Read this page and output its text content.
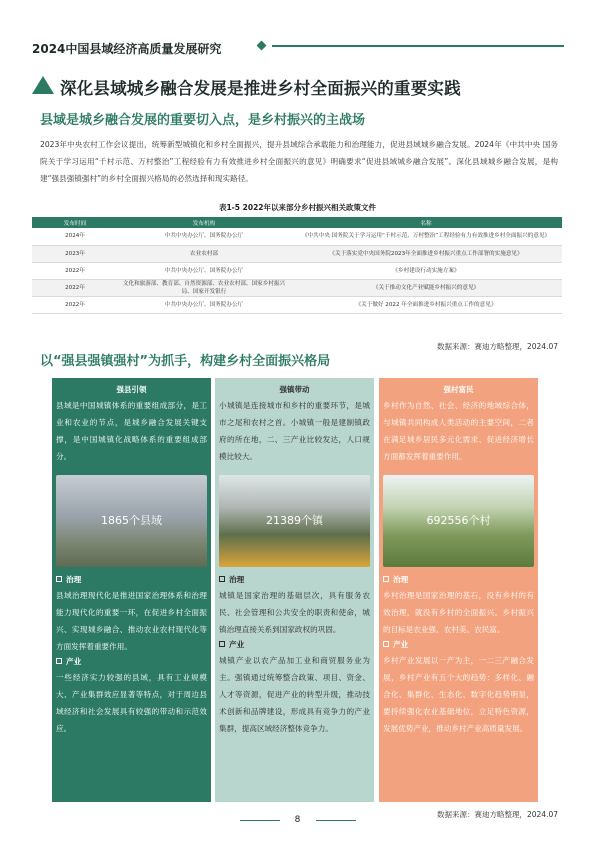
2024中国县域经济高质量发展研究
深化县域城乡融合发展是推进乡村全面振兴的重要实践
县域是城乡融合发展的重要切入点，是乡村振兴的主战场
2023年中央农村工作会议提出，统筹新型城镇化和乡村全面振兴，提升县域综合承载能力和治理能力，促进县域城乡融合发展。2024年《中共中央 国务院关于学习运用“千村示范、万村整治”工程经验有力有效推进乡村全面振兴的意见》明确要求“促进县域城乡融合发展”。深化县域城乡融合发展，是构建“强县强镇强村”的乡村全面振兴格局的必然选择和现实路径。
表1-5 2022年以来部分乡村振兴相关政策文件
发布时间	发布机构	名称
2024年	中共中央办公厅、国务院办公厅	《中共中央 国务院关于学习运用“千村示范、万村整治”工程经验有力有效推进乡村全面振兴的意见》
2023年	农业农村部	《关于落实党中央国务院2023年全面推进乡村振兴重点工作部署的实施意见》
2022年	中共中央办公厅、国务院办公厅	《乡村建设行动实施方案》
2022年	文化和旅游部、教育部、自然资源部、农业农村部、国家乡村振兴局、国家开发银行	《关于推动文化产业赋能乡村振兴的意见》
2022年	中共中央办公厅、国务院办公厅	《关于做好 2022 年全面推进乡村振兴重点工作的意见》
数据来源：赛迪方略整理，2024.07
以“强县强镇强村”为抓手，构建乡村全面振兴格局
强县引领
县域是中国城镇体系的重要组成部分，是工业和农业的节点，是城乡融合发展关键支撑，是中国城镇化战略体系的重要组成部分。
1865个县域
治理
县域治理现代化是推进国家治理体系和治理能力现代化的重要一环，在促进乡村全面振兴、实现城乡融合、推动农业农村现代化等方面发挥着重要作用。
产业
一些经济实力较强的县域，具有工业规模大、产业集群效应显著等特点，对于周边县域经济和社会发展具有较强的带动和示范效应。
强镇带动
小城镇是连接城市和乡村的重要环节，是城市之尾和农村之首。小城镇一般是建制镇政府的所在地，二、三产业比较发达，人口规模比较大。
21389个镇
治理
城镇是国家治理的基础层次，具有服务农民、社会管理和公共安全的职责和使命，城镇治理直接关系到国家政权的巩固。
产业
城镇产业以农产品加工业和商贸服务业为主。强镇通过统筹整合政策、项目、资金、人才等资源，促进产业的转型升级，推动技术创新和品牌建设，形成具有竞争力的产业集群，提高区域经济整体竞争力。
强村富民
乡村作为自然、社会、经济的地域综合体，与城镇共同构成人类活动的主要空间，二者在满足城乡居民多元化需求、促进经济增长方面都发挥着重要作用。
692556个村
治理
乡村治理是国家治理的基石，没有乡村的有效治理，就没有乡村的全面振兴。乡村振兴的目标是农业强、农村美、农民富。
产业
乡村产业发展以一产为主，一二三产融合发展，乡村产业有五个大的趋势：多样化、融合化、集群化、生态化、数字化趋势明显，要持续强化农业基础地位，立足特色资源，发展优势产业，推动乡村产业高质量发展。
数据来源：赛迪方略整理，2024.07
8
